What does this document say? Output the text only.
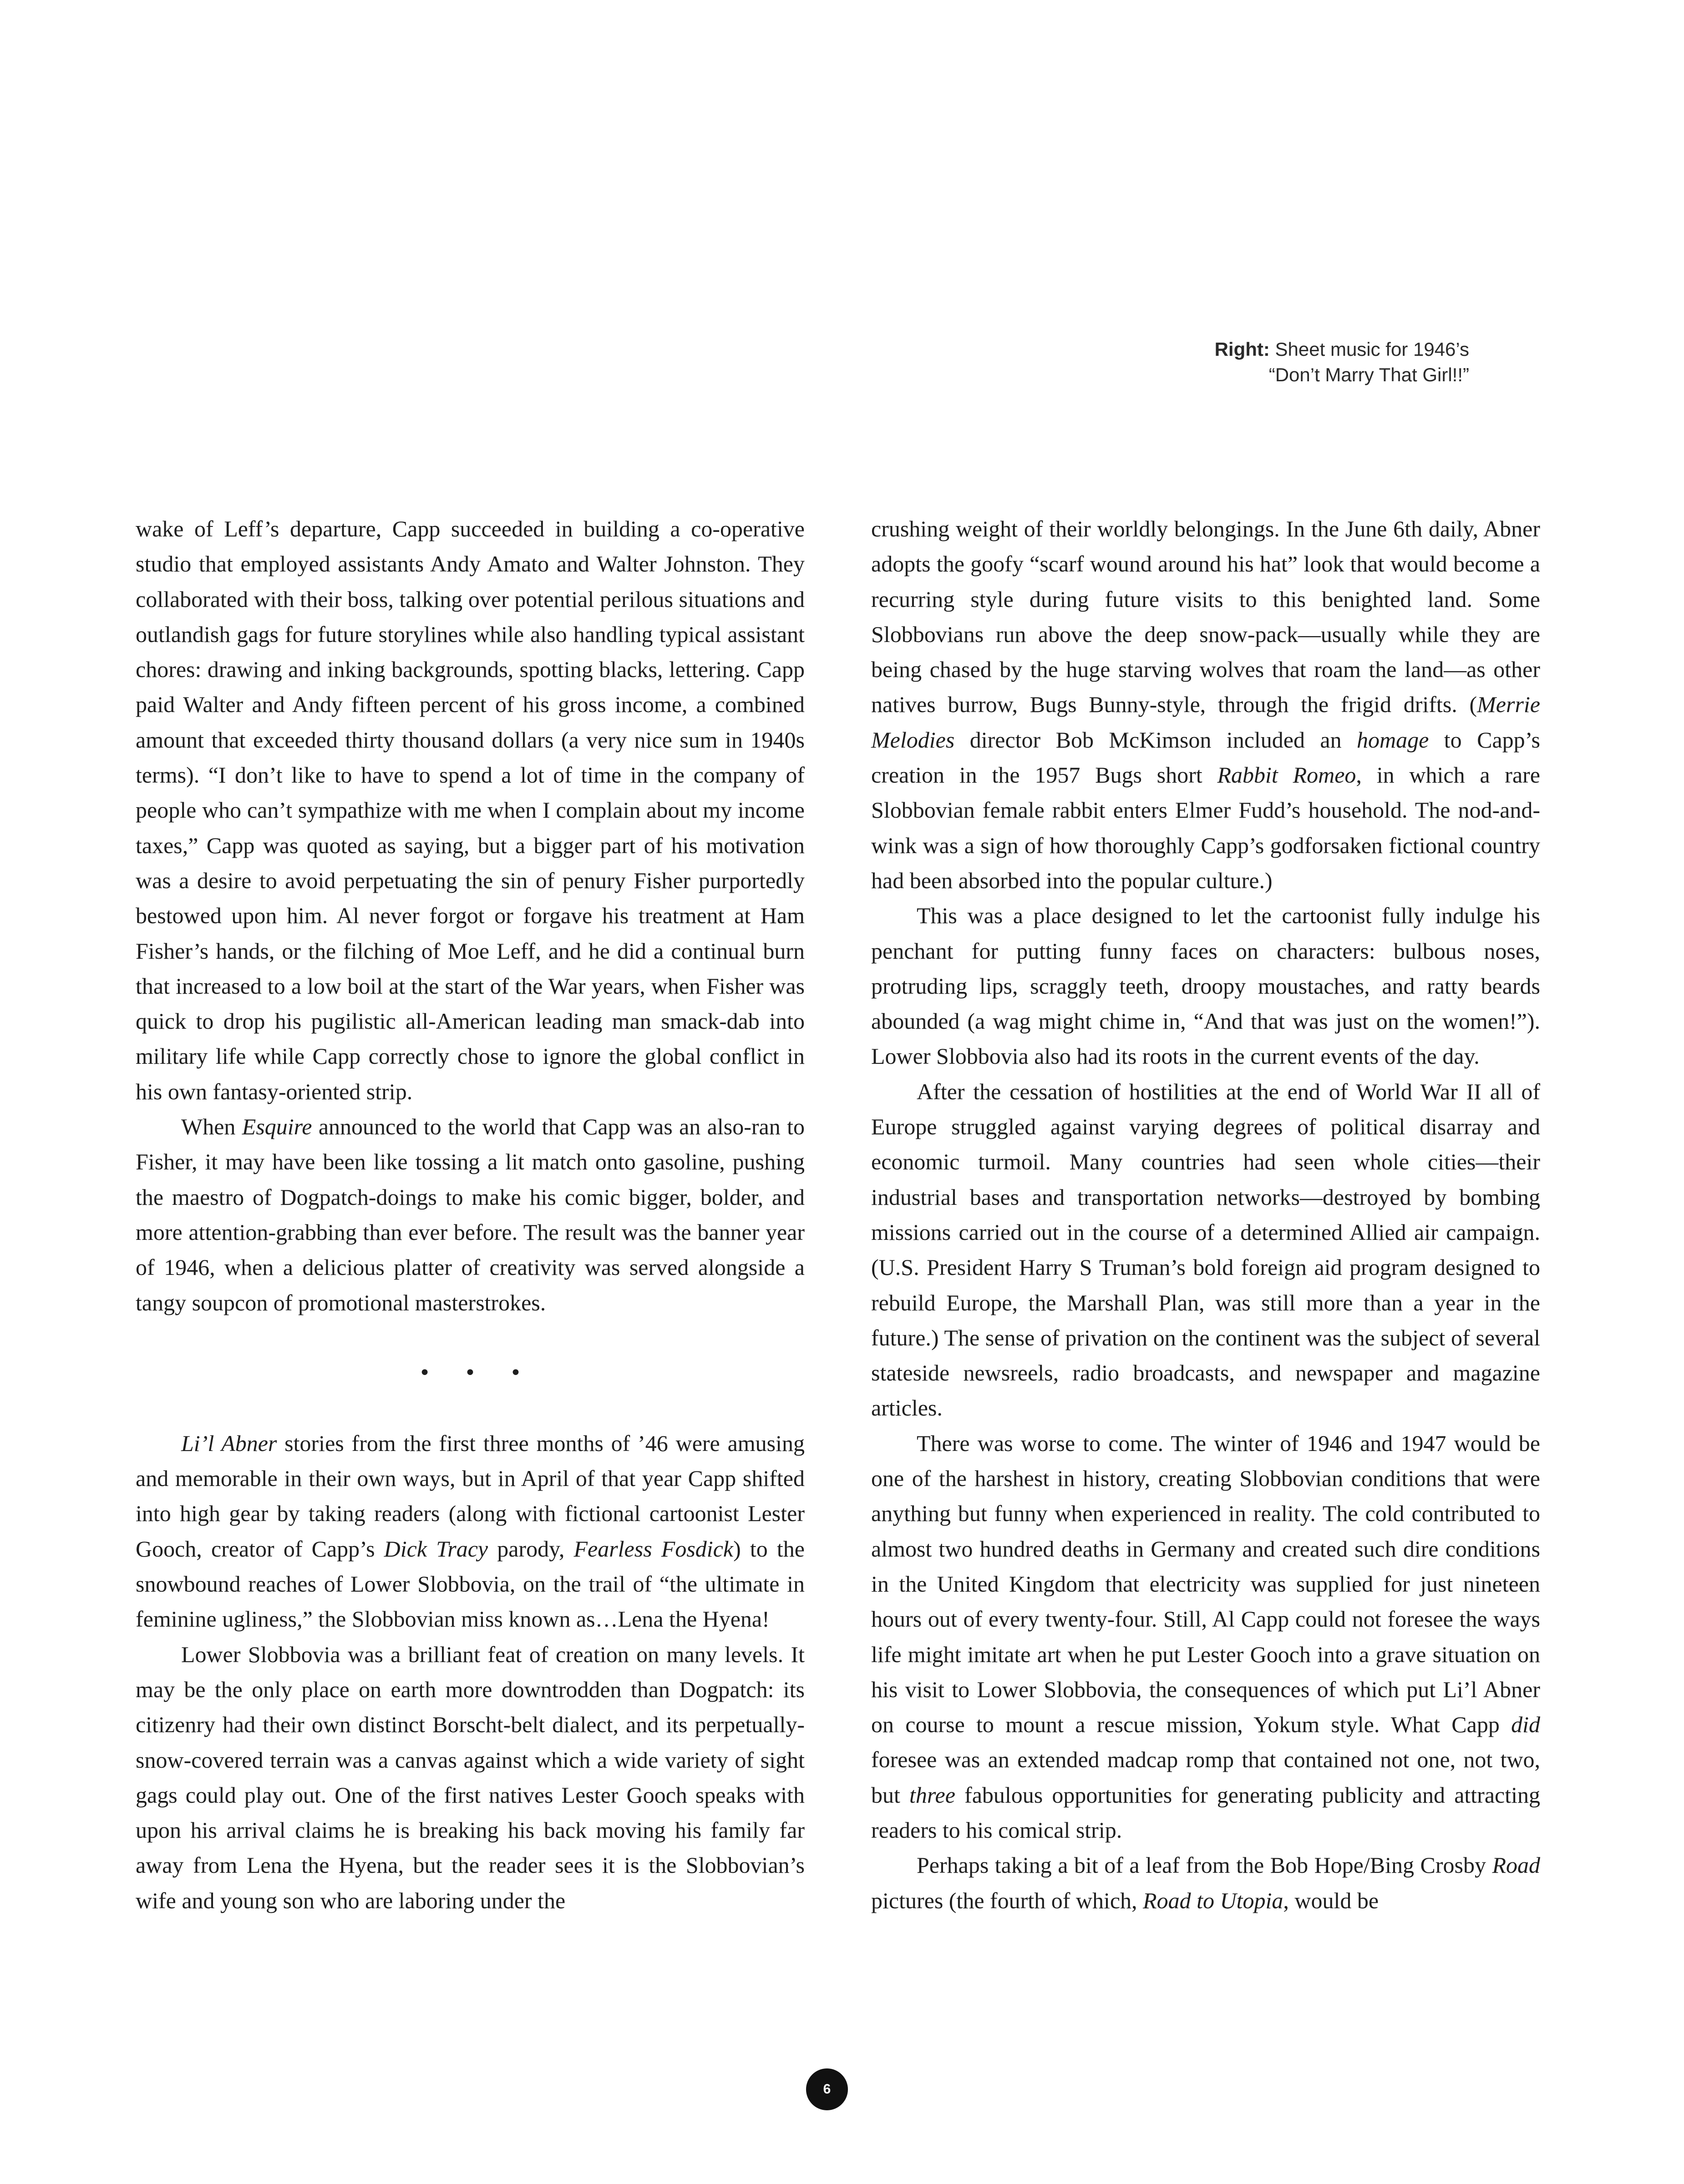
Right: Sheet music for 1946’s
“Don’t Marry That Girl!!”

wake of Leff’s departure, Capp succeeded in building a co-operative studio that employed assistants Andy Amato and Walter Johnston. They collaborated with their boss, talking over potential perilous situations and outlandish gags for future storylines while also handling typical assistant chores: drawing and inking backgrounds, spotting blacks, lettering. Capp paid Walter and Andy fifteen percent of his gross income, a combined amount that exceeded thirty thousand dollars (a very nice sum in 1940s terms). “I don’t like to have to spend a lot of time in the company of people who can’t sympathize with me when I complain about my income taxes,” Capp was quoted as saying, but a bigger part of his motivation was a desire to avoid perpetuating the sin of penury Fisher purportedly bestowed upon him. Al never forgot or forgave his treatment at Ham Fisher’s hands, or the filching of Moe Leff, and he did a continual burn that increased to a low boil at the start of the War years, when Fisher was quick to drop his pugilistic all-American leading man smack-dab into military life while Capp correctly chose to ignore the global conflict in his own fantasy-oriented strip.

When Esquire announced to the world that Capp was an also-ran to Fisher, it may have been like tossing a lit match onto gasoline, pushing the maestro of Dogpatch-doings to make his comic bigger, bolder, and more attention-grabbing than ever before. The result was the banner year of 1946, when a delicious platter of creativity was served alongside a tangy soupcon of promotional masterstrokes.

• • •

Li’l Abner stories from the first three months of ’46 were amusing and memorable in their own ways, but in April of that year Capp shifted into high gear by taking readers (along with fictional cartoonist Lester Gooch, creator of Capp’s Dick Tracy parody, Fearless Fosdick) to the snowbound reaches of Lower Slobbovia, on the trail of “the ultimate in feminine ugliness,” the Slobbovian miss known as…Lena the Hyena!

Lower Slobbovia was a brilliant feat of creation on many levels. It may be the only place on earth more downtrodden than Dogpatch: its citizenry had their own distinct Borscht-belt dialect, and its perpetually-snow-covered terrain was a canvas against which a wide variety of sight gags could play out. One of the first natives Lester Gooch speaks with upon his arrival claims he is breaking his back moving his family far away from Lena the Hyena, but the reader sees it is the Slobbovian’s wife and young son who are laboring under the

crushing weight of their worldly belongings. In the June 6th daily, Abner adopts the goofy “scarf wound around his hat” look that would become a recurring style during future visits to this benighted land. Some Slobbovians run above the deep snow-pack—usually while they are being chased by the huge starving wolves that roam the land—as other natives burrow, Bugs Bunny-style, through the frigid drifts. (Merrie Melodies director Bob McKimson included an homage to Capp’s creation in the 1957 Bugs short Rabbit Romeo, in which a rare Slobbovian female rabbit enters Elmer Fudd’s household. The nod-and-wink was a sign of how thoroughly Capp’s godforsaken fictional country had been absorbed into the popular culture.)

This was a place designed to let the cartoonist fully indulge his penchant for putting funny faces on characters: bulbous noses, protruding lips, scraggly teeth, droopy moustaches, and ratty beards abounded (a wag might chime in, “And that was just on the women!”). Lower Slobbovia also had its roots in the current events of the day.

After the cessation of hostilities at the end of World War II all of Europe struggled against varying degrees of political disarray and economic turmoil. Many countries had seen whole cities—their industrial bases and transportation networks—destroyed by bombing missions carried out in the course of a determined Allied air campaign. (U.S. President Harry S Truman’s bold foreign aid program designed to rebuild Europe, the Marshall Plan, was still more than a year in the future.) The sense of privation on the continent was the subject of several stateside newsreels, radio broadcasts, and newspaper and magazine articles.

There was worse to come. The winter of 1946 and 1947 would be one of the harshest in history, creating Slobbovian conditions that were anything but funny when experienced in reality. The cold contributed to almost two hundred deaths in Germany and created such dire conditions in the United Kingdom that electricity was supplied for just nineteen hours out of every twenty-four. Still, Al Capp could not foresee the ways life might imitate art when he put Lester Gooch into a grave situation on his visit to Lower Slobbovia, the consequences of which put Li’l Abner on course to mount a rescue mission, Yokum style. What Capp did foresee was an extended madcap romp that contained not one, not two, but three fabulous opportunities for generating publicity and attracting readers to his comical strip.

Perhaps taking a bit of a leaf from the Bob Hope/Bing Crosby Road pictures (the fourth of which, Road to Utopia, would be

6
